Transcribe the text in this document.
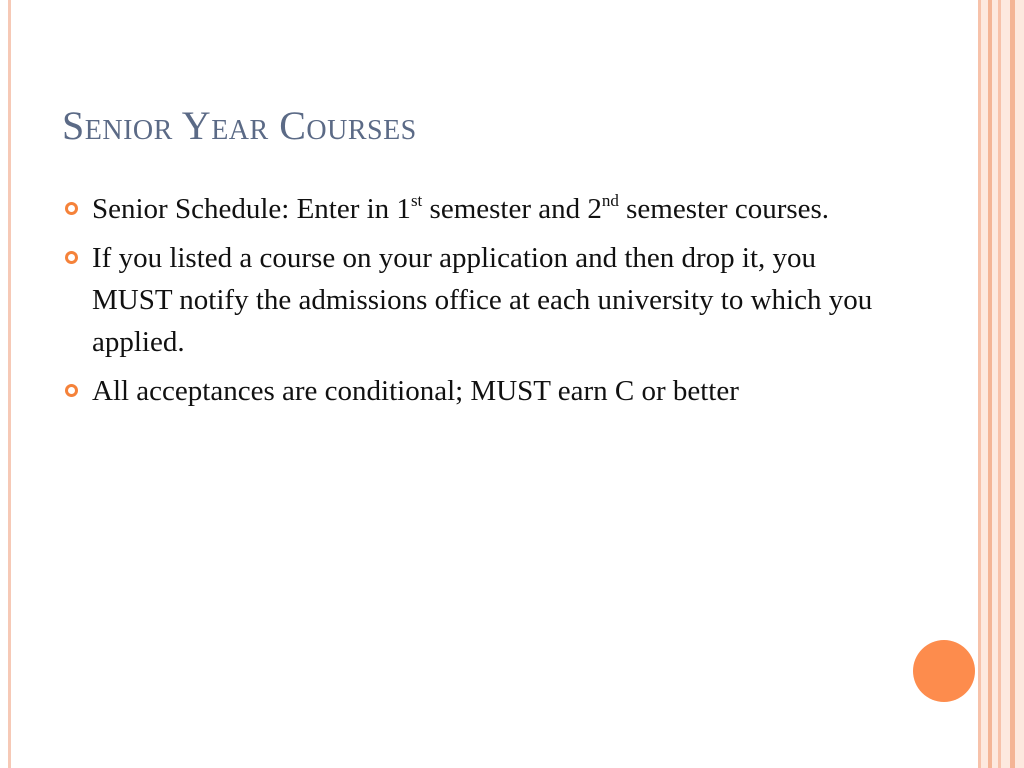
Senior Year Courses
Senior Schedule: Enter in 1st semester and 2nd semester courses.
If you listed a course on your application and then drop it, you MUST notify the admissions office at each university to which you applied.
All acceptances are conditional; MUST earn C or better
